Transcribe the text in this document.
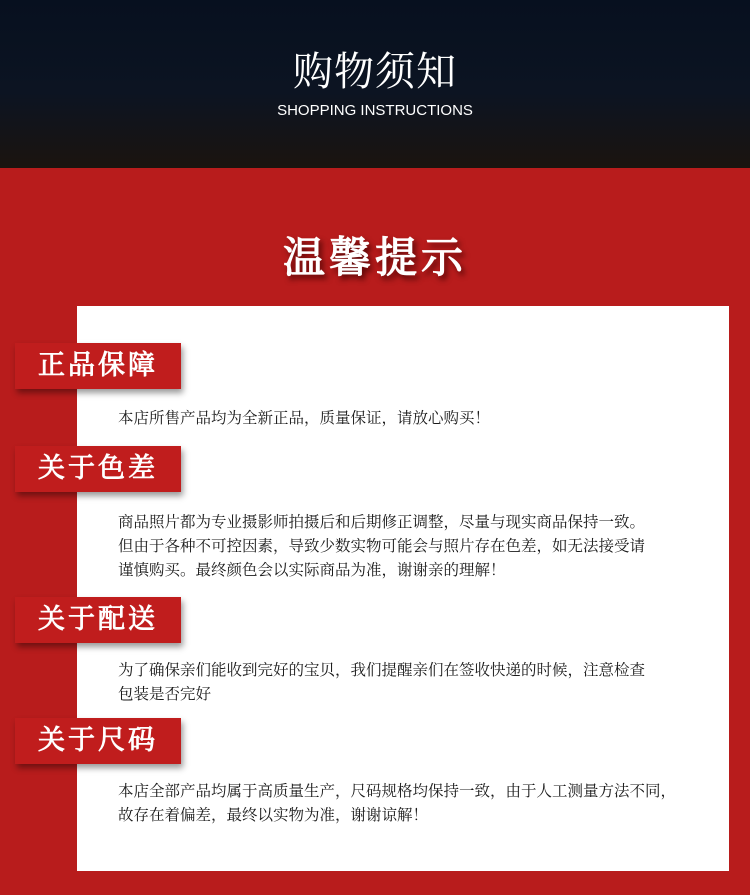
购物须知
SHOPPING INSTRUCTIONS
温馨提示
正品保障

本店所售产品均为全新正品，质量保证，请放心购买！

关于色差

商品照片都为专业摄影师拍摄后和后期修正调整，尽量与现实商品保持一致。
但由于各种不可控因素，导致少数实物可能会与照片存在色差，如无法接受请
谨慎购买。最终颜色会以实际商品为准，谢谢亲的理解！

关于配送

为了确保亲们能收到完好的宝贝，我们提醒亲们在签收快递的时候，注意检查
包装是否完好

关于尺码

本店全部产品均属于高质量生产，尺码规格均保持一致，由于人工测量方法不同，
故存在着偏差，最终以实物为准，谢谢谅解！
